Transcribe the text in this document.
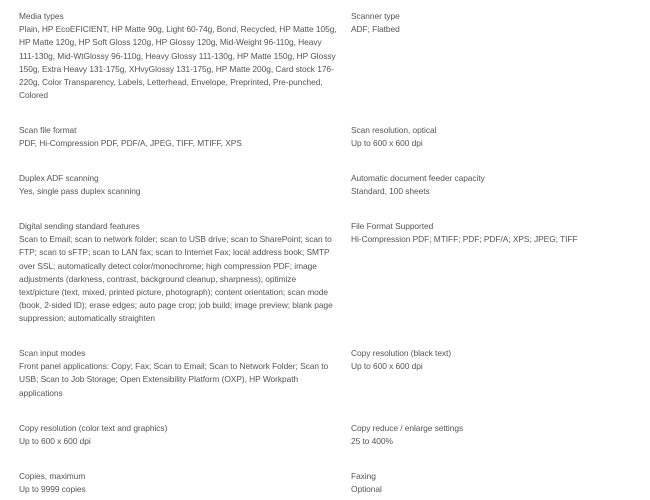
Media types

Plain, HP EcoEFICIENT, HP Matte 90g, Light 60-74g, Bond, Recycled, HP Matte 105g, HP Matte 120g, HP Soft Gloss 120g, HP Glossy 120g, Mid-Weight 96-110g, Heavy 111-130g, Mid-WtGlossy 96-110g, Heavy Glossy 111-130g, HP Matte 150g, HP Glossy 150g, Extra Heavy 131-175g, XHvyGlossy 131-175g, HP Matte 200g, Card stock 176-220g, Color Transparency, Labels, Letterhead, Envelope, Preprinted, Pre-punched, Colored

Scanner type

ADF; Flatbed

Scan file format

PDF, Hi-Compression PDF, PDF/A, JPEG, TIFF, MTIFF, XPS

Scan resolution, optical

Up to 600 x 600 dpi

Duplex ADF scanning

Yes, single pass duplex scanning

Automatic document feeder capacity

Standard, 100 sheets

Digital sending standard features

Scan to Email; scan to network folder; scan to USB drive; scan to SharePoint; scan to FTP; scan to sFTP; scan to LAN fax; scan to Internet Fax; local address book; SMTP over SSL; automatically detect color/monochrome; high compression PDF; image adjustments (darkness, contrast, background cleanup, sharpness); optimize text/picture (text, mixed, printed picture, photograph); content orientation; scan mode (book, 2-sided ID); erase edges; auto page crop; job build; image preview; blank page suppression; automatically straighten

File Format Supported

Hi-Compression PDF; MTIFF; PDF; PDF/A; XPS; JPEG; TIFF

Scan input modes

Front panel applications: Copy; Fax; Scan to Email; Scan to Network Folder; Scan to USB; Scan to Job Storage; Open Extensibility Platform (OXP), HP Workpath applications

Copy resolution (black text)

Up to 600 x 600 dpi

Copy resolution (color text and graphics)

Up to 600 x 600 dpi

Copy reduce / enlarge settings

25 to 400%

Copies, maximum

Up to 9999 copies

Faxing

Optional
